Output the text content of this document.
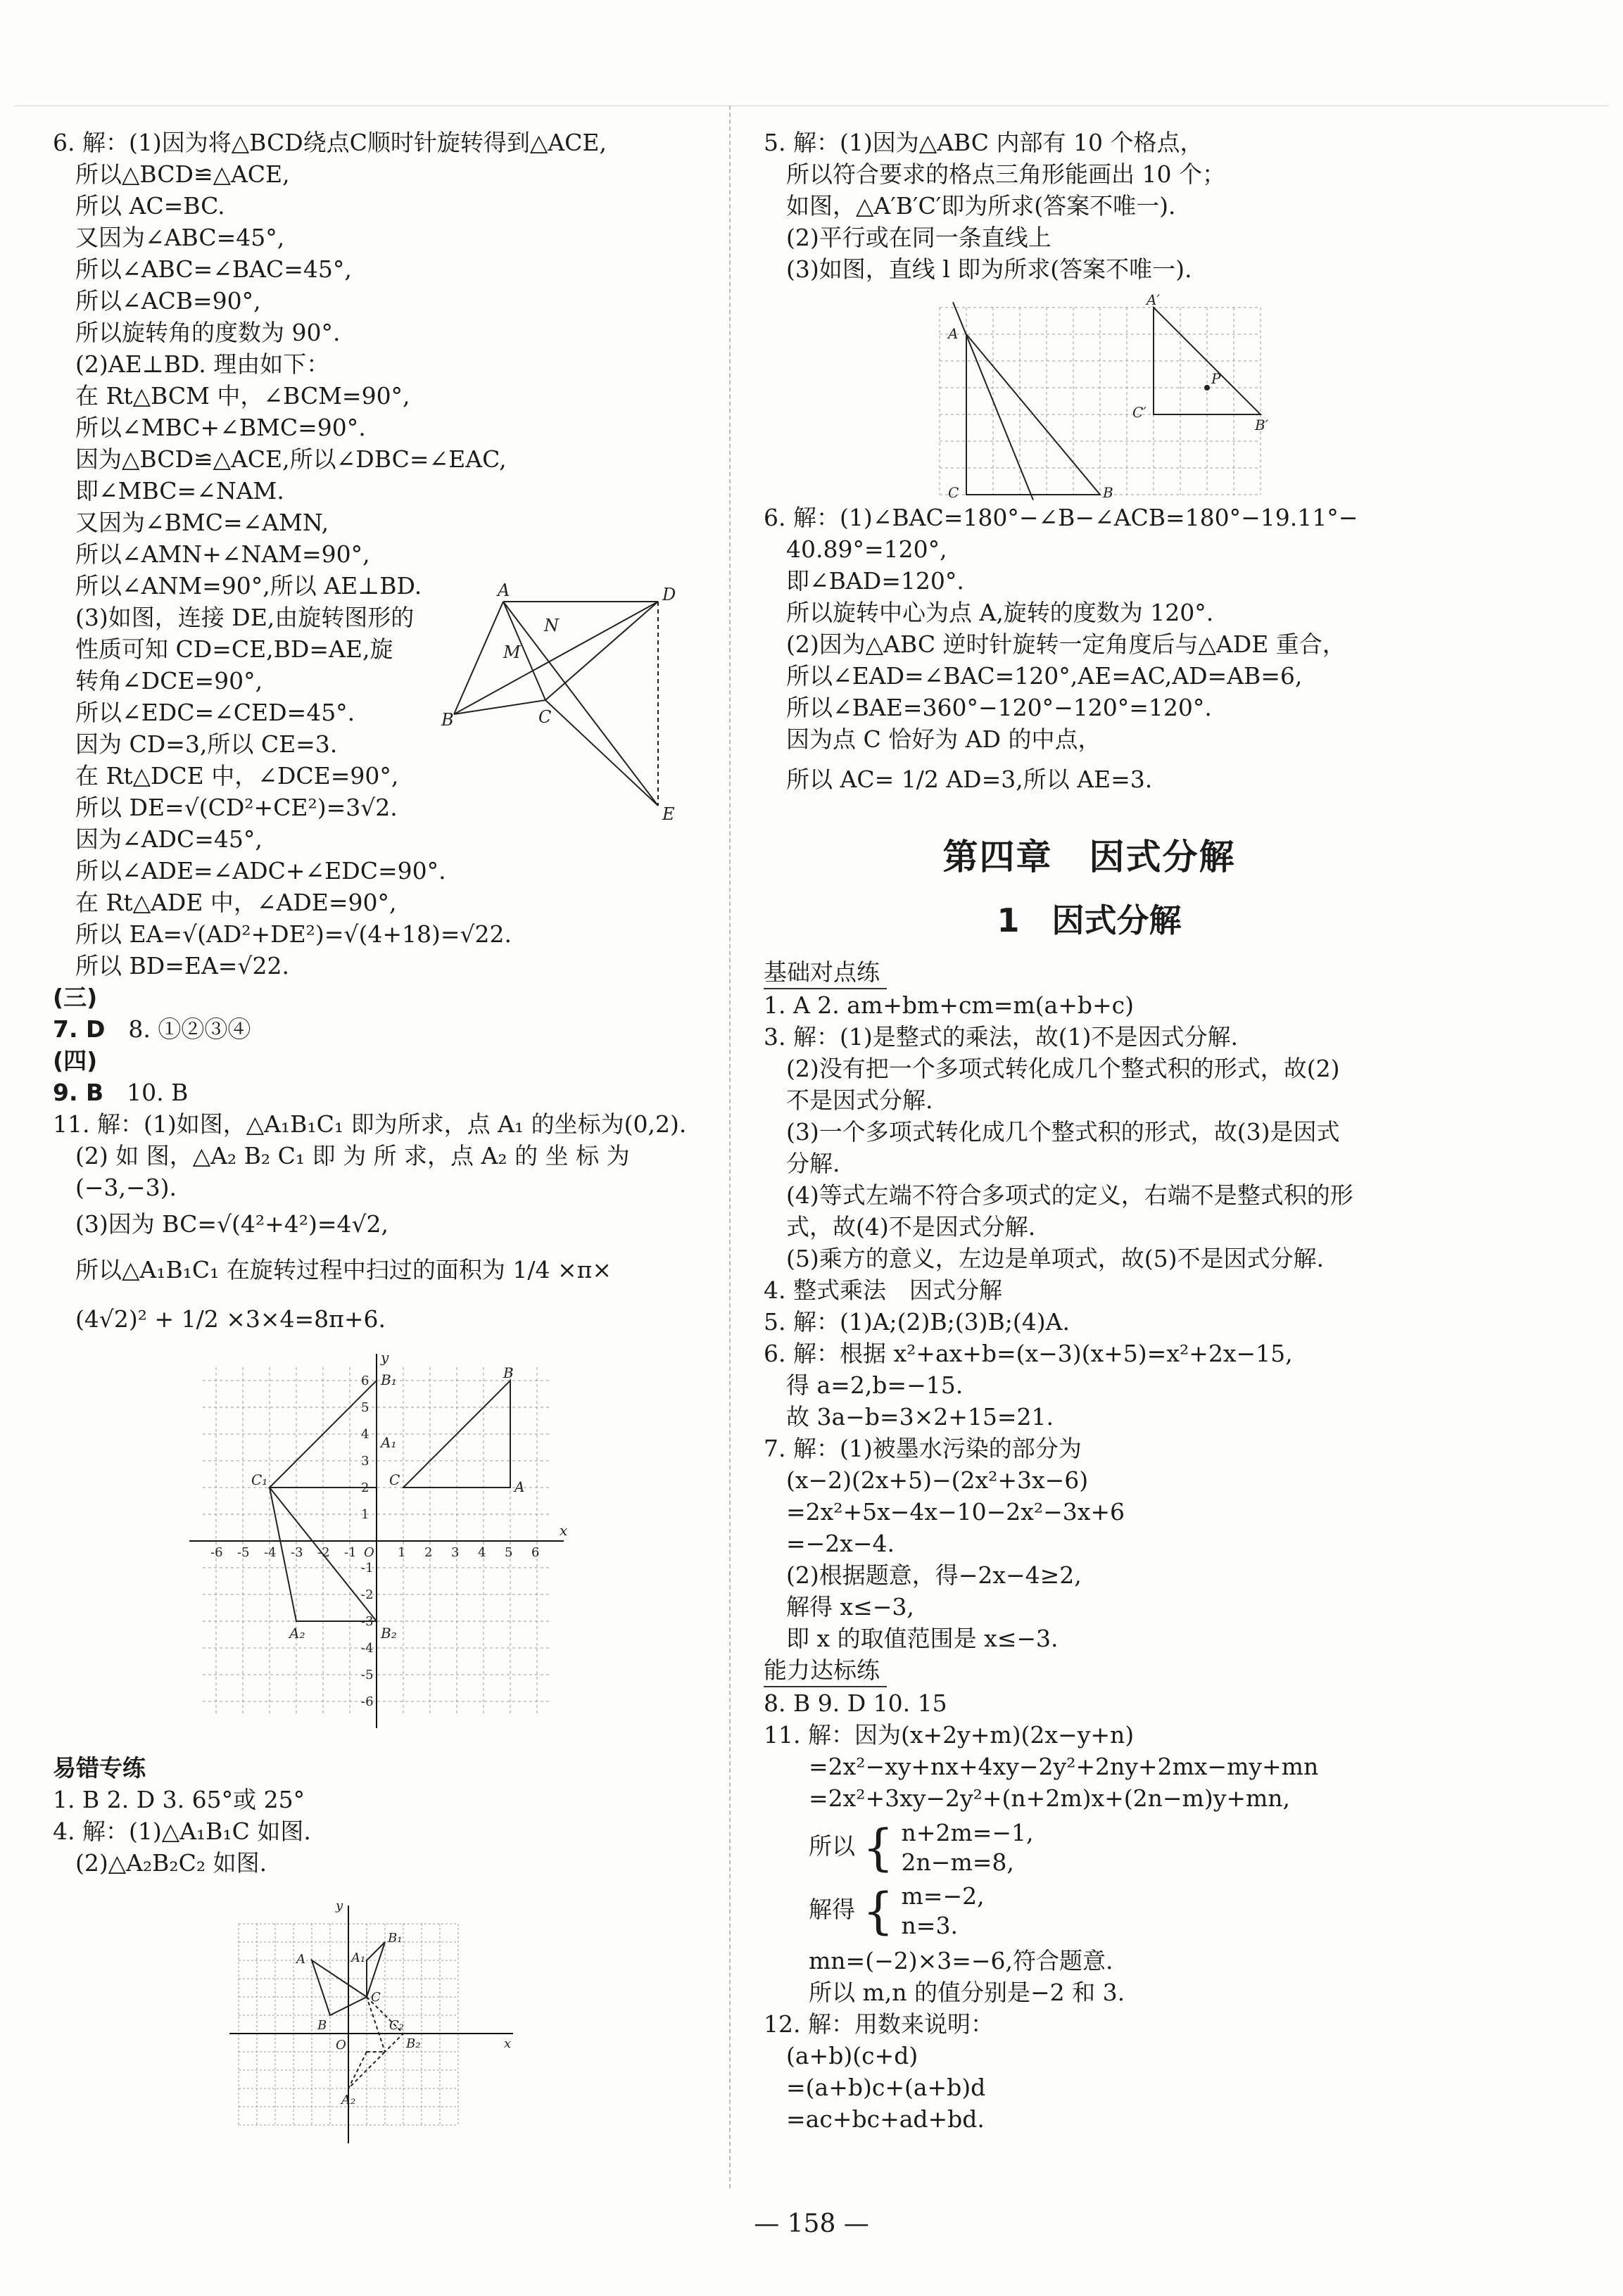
6. 解：(1)因为将△BCD绕点C顺时针旋转得到△ACE,
所以△BCD≌△ACE,
所以 AC=BC.
又因为∠ABC=45°,
所以∠ABC=∠BAC=45°,
所以∠ACB=90°,
所以旋转角的度数为 90°.
(2)AE⊥BD. 理由如下：
在 Rt△BCM 中，∠BCM=90°,
所以∠MBC+∠BMC=90°.
因为△BCD≌△ACE,所以∠DBC=∠EAC,
即∠MBC=∠NAM.
又因为∠BMC=∠AMN,
所以∠AMN+∠NAM=90°,
所以∠ANM=90°,所以 AE⊥BD.
(3)如图，连接 DE,由旋转图形的
性质可知 CD=CE,BD=AE,旋
转角∠DCE=90°,
所以∠EDC=∠CED=45°.
因为 CD=3,所以 CE=3.
在 Rt△DCE 中，∠DCE=90°,
所以 DE=√(CD²+CE²)=3√2.
A	D
N
M
B	C
E
因为∠ADC=45°,
所以∠ADE=∠ADC+∠EDC=90°.
在 Rt△ADE 中，∠ADE=90°,
所以 EA=√(AD²+DE²)=√(4+18)=√22.
所以 BD=EA=√22.
(三)
7. D　 8. ①②③④
(四)
9. B　 10. B
11. 解：(1)如图，△A₁B₁C₁ 即为所求，点 A₁ 的坐标为(0,2).
(2) 如 图，△A₂ B₂ C₁ 即 为 所 求，点 A₂ 的 坐 标 为
(−3,−3).
(3)因为 BC=√(4²+4²)=4√2,
所以△A₁B₁C₁ 在旋转过程中扫过的面积为 1/4 ×π×
(4√2)² + 1/2 ×3×4=8π+6.
-6 -5 -4 -3 -2 -1	1 2 3 4 5 6
6
5
4
3
2
1
-1
-2
-3
-4
-5
-6
x
y
O
B
B₁
A₁
C₁	C	A
A₂	B₂
易错专练
1. B 2. D 3. 65°或 25°
4. 解：(1)△A₁B₁C 如图.
(2)△A₂B₂C₂ 如图.
x
y
O
A
B
B₁
A₁
C
C₂
B₂
A₂
5. 解：(1)因为△ABC 内部有 10 个格点，
所以符合要求的格点三角形能画出 10 个；
如图，△A′B′C′即为所求(答案不唯一).
(2)平行或在同一条直线上
(3)如图，直线 l 即为所求(答案不唯一).
A
A′
P
C	B
C′
B′
6. 解：(1)∠BAC=180°−∠B−∠ACB=180°−19.11°−
40.89°=120°,
即∠BAD=120°.
所以旋转中心为点 A,旋转的度数为 120°.
(2)因为△ABC 逆时针旋转一定角度后与△ADE 重合，
所以∠EAD=∠BAC=120°,AE=AC,AD=AB=6,
所以∠BAE=360°−120°−120°=120°.
因为点 C 恰好为 AD 的中点，
所以 AC= 1/2 AD=3,所以 AE=3.
第四章　因式分解
1　因式分解
基础对点练
1. A 2. am+bm+cm=m(a+b+c)
3. 解：(1)是整式的乘法，故(1)不是因式分解.
(2)没有把一个多项式转化成几个整式积的形式，故(2)
不是因式分解.
(3)一个多项式转化成几个整式积的形式，故(3)是因式
分解.
(4)等式左端不符合多项式的定义，右端不是整式积的形
式，故(4)不是因式分解.
(5)乘方的意义，左边是单项式，故(5)不是因式分解.
4. 整式乘法　因式分解
5. 解：(1)A;(2)B;(3)B;(4)A.
6. 解：根据 x²+ax+b=(x−3)(x+5)=x²+2x−15,
得 a=2,b=−15.
故 3a−b=3×2+15=21.
7. 解：(1)被墨水污染的部分为
(x−2)(2x+5)−(2x²+3x−6)
=2x²+5x−4x−10−2x²−3x+6
=−2x−4.
(2)根据题意，得−2x−4≥2,
解得 x≤−3,
即 x 的取值范围是 x≤−3.
能力达标练
8. B 9. D 10. 15
11. 解：因为(x+2y+m)(2x−y+n)
=2x²−xy+nx+4xy−2y²+2ny+2mx−my+mn
=2x²+3xy−2y²+(n+2m)x+(2n−m)y+mn,
所以 { n+2m=−1,
2n−m=8,
解得 { m=−2,
n=3.
mn=(−2)×3=−6,符合题意.
所以 m,n 的值分别是−2 和 3.
12. 解：用数来说明：
(a+b)(c+d)
=(a+b)c+(a+b)d
=ac+bc+ad+bd.
— 158 —
